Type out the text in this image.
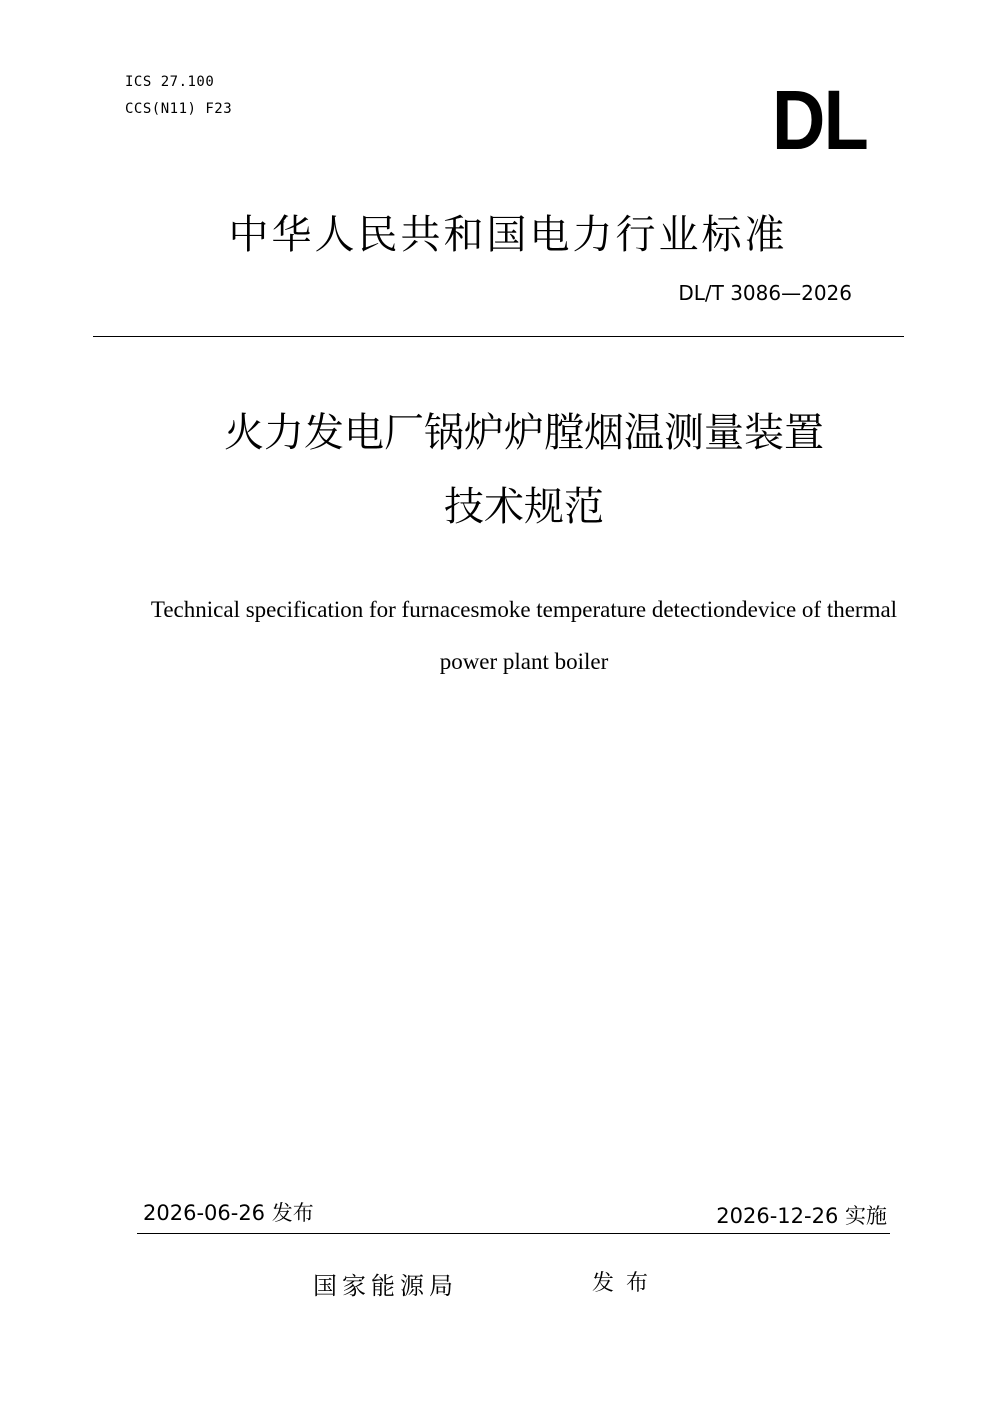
ICS 27.100
CCS(N11) F23	DL
中华人民共和国电力行业标准
DL/T 3086—2026
火力发电厂锅炉炉膛烟温测量装置
技术规范
Technical specification for furnacesmoke temperature detectiondevice of thermal
power plant boiler
2026-06-26 发布	2026-12-26 实施
国家能源局	发布
